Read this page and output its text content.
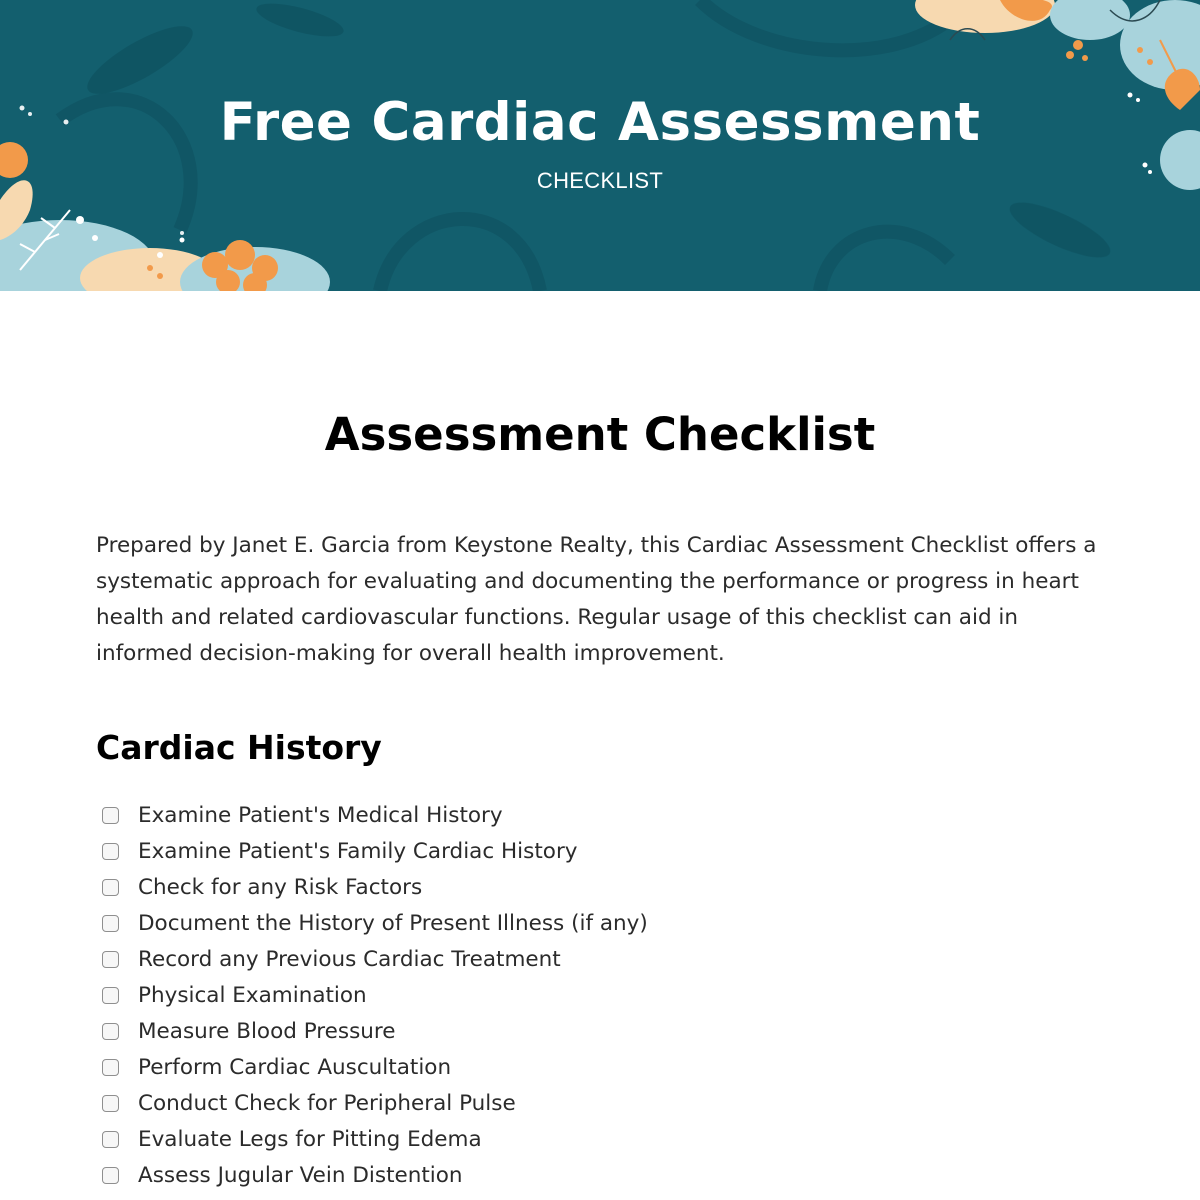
Free Cardiac Assessment
CHECKLIST
Assessment Checklist

Prepared by Janet E. Garcia from Keystone Realty, this Cardiac Assessment Checklist offers a systematic approach for evaluating and documenting the performance or progress in heart health and related cardiovascular functions. Regular usage of this checklist can aid in informed decision-making for overall health improvement.

Cardiac History
Examine Patient's Medical History
Examine Patient's Family Cardiac History
Check for any Risk Factors
Document the History of Present Illness (if any)
Record any Previous Cardiac Treatment
Physical Examination
Measure Blood Pressure
Perform Cardiac Auscultation
Conduct Check for Peripheral Pulse
Evaluate Legs for Pitting Edema
Assess Jugular Vein Distention
